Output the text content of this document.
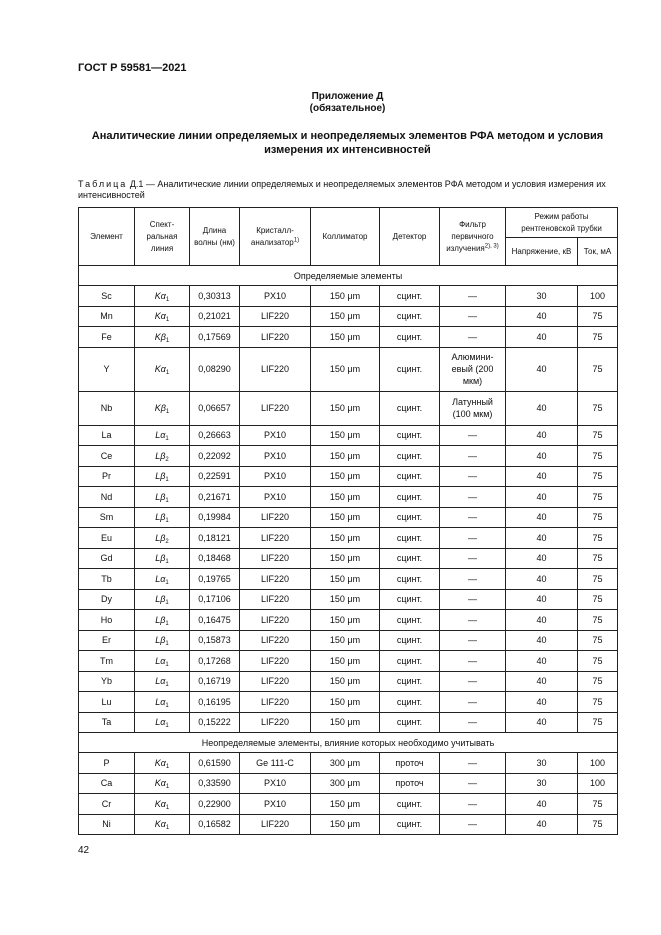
ГОСТ Р 59581—2021
Приложение Д
(обязательное)
Аналитические линии определяемых и неопределяемых элементов РФА методом и условия измерения их интенсивностей
Таблица Д.1 — Аналитические линии определяемых и неопределяемых элементов РФА методом и условия измерения их интенсивностей
Элемент	Спект-ральная линия	Длина волны (нм)	Кристалл-анализатор$^{1)}$	Коллиматор	Детектор	Фильтр первичного излучения$^{2), 3)}$	Режим работы рентгеновской трубки	
							Напряжение, кВ	Ток, мА
Определяемые элементы								
Sc	$K\alpha_1$	0,30313	PX10	150 μm	сцинт.	—	30	100
Mn	$K\alpha_1$	0,21021	LIF220	150 μm	сцинт.	—	40	75
Fe	$K\beta_1$	0,17569	LIF220	150 μm	сцинт.	—	40	75
Y	$K\alpha_1$	0,08290	LIF220	150 μm	сцинт.	Алюмини-евый (200 мкм)	40	75
Nb	$K\beta_1$	0,06657	LIF220	150 μm	сцинт.	Латунный (100 мкм)	40	75
La	$L\alpha_1$	0,26663	PX10	150 μm	сцинт.	—	40	75
Ce	$L\beta_2$	0,22092	PX10	150 μm	сцинт.	—	40	75
Pr	$L\beta_1$	0,22591	PX10	150 μm	сцинт.	—	40	75
Nd	$L\beta_1$	0,21671	PX10	150 μm	сцинт.	—	40	75
Sm	$L\beta_1$	0,19984	LIF220	150 μm	сцинт.	—	40	75
Eu	$L\beta_2$	0,18121	LIF220	150 μm	сцинт.	—	40	75
Gd	$L\beta_1$	0,18468	LIF220	150 μm	сцинт.	—	40	75
Tb	$L\alpha_1$	0,19765	LIF220	150 μm	сцинт.	—	40	75
Dy	$L\beta_1$	0,17106	LIF220	150 μm	сцинт.	—	40	75
Ho	$L\beta_1$	0,16475	LIF220	150 μm	сцинт.	—	40	75
Er	$L\beta_1$	0,15873	LIF220	150 μm	сцинт.	—	40	75
Tm	$L\alpha_1$	0,17268	LIF220	150 μm	сцинт.	—	40	75
Yb	$L\alpha_1$	0,16719	LIF220	150 μm	сцинт.	—	40	75
Lu	$L\alpha_1$	0,16195	LIF220	150 μm	сцинт.	—	40	75
Ta	$L\alpha_1$	0,15222	LIF220	150 μm	сцинт.	—	40	75
Неопределяемые элементы, влияние которых необходимо учитывать								
P	$K\alpha_1$	0,61590	Ge 111-C	300 μm	проточ	—	30	100
Ca	$K\alpha_1$	0,33590	PX10	300 μm	проточ	—	30	100
Cr	$K\alpha_1$	0,22900	PX10	150 μm	сцинт.	—	40	75
Ni	$K\alpha_1$	0,16582	LIF220	150 μm	сцинт.	—	40	75
42
